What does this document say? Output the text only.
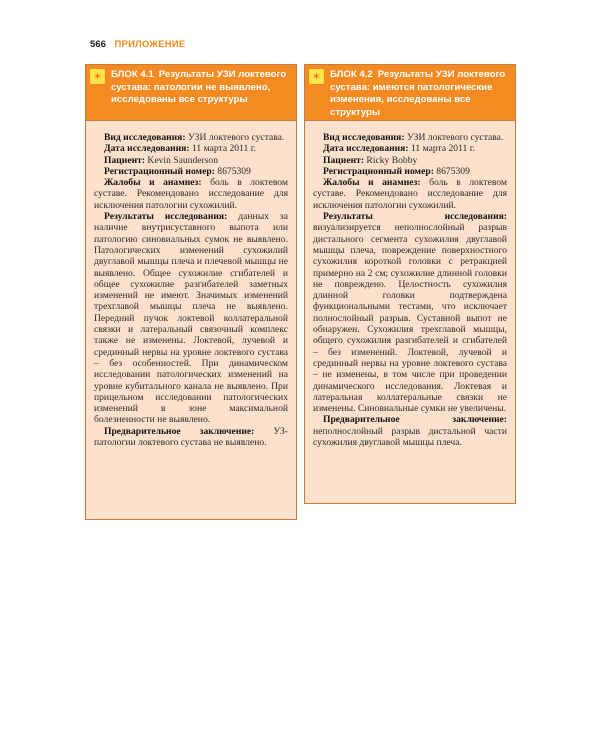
566 ПРИЛОЖЕНИЕ
✶ БЛОК 4.1 Результаты УЗИ локтевого сустава: патологии не выявлено, исследованы все структуры

Вид исследования: УЗИ локтевого сустава.

Дата исследования: 11 марта 2011 г.

Пациент: Kevin Saunderson

Регистрационный номер: 8675309

Жалобы и анамнез: боль в локтевом суставе. Рекомендовано исследование для исключения патологии сухожилий.

Результаты исследования: данных за наличие внутрисуставного выпота или патологию синовиальных сумок не выявлено. Патологических изменений сухожилий двуглавой мышцы плеча и плечевой мышцы не выявлено. Общее сухожилие сгибателей и общее сухожилие разгибателей заметных изменений не имеют. Значимых изменений трехглавой мышцы плеча не выявлено. Передний пучок локтевой коллатеральной связки и латеральный связочный комплекс также не изменены. Локтевой, лучевой и срединный нервы на уровне локтевого сустава – без особенностей. При динамическом исследовании патологических изменений на уровне кубитального канала не выявлено. При прицельном исследовании патологических изменений в зоне максимальной болезненности не выявлено.

Предварительное заключение: УЗ-патологии локтевого сустава не выявлено.

✶ БЛОК 4.2 Результаты УЗИ локтевого сустава: имеются патологические изменения, исследованы все структуры

Вид исследования: УЗИ локтевого сустава.

Дата исследования: 11 марта 2011 г.

Пациент: Ricky Bobby

Регистрационный номер: 8675309

Жалобы и анамнез: боль в локтевом суставе. Рекомендовано исследование для исключения патологии сухожилий.

Результаты исследования: визуализируется неполнослойный разрыв дистального сегмента сухожилия двуглавой мышцы плеча, повреждение поверхностного сухожилия короткой головки с ретракцией примерно на 2 см; сухожилие длинной головки не повреждено. Целостность сухожилия длинной головки подтверждена функциональными тестами, что исключает полнослойный разрыв. Суставной выпот не обнаружен. Сухожилия трехглавой мышцы, общего сухожилия разгибателей и сгибателей – без изменений. Локтевой, лучевой и срединный нервы на уровне локтевого сустава – не изменены, в том числе при проведении динамического исследования. Локтевая и латеральная коллатеральные связки не изменены. Синовиальные сумки не увеличены.

Предварительное заключение: неполнослойный разрыв дистальной части сухожилия двуглавой мышцы плеча.
